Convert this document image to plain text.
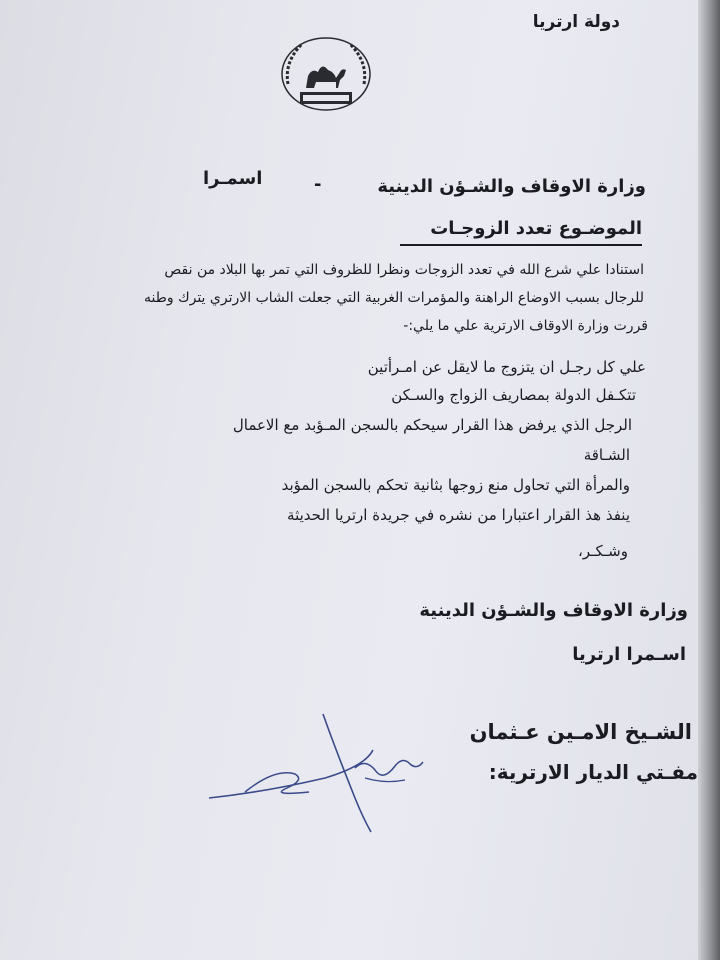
دولة ارتريا
وزارة الاوقاف والشـؤن الدينية
-
اسمـرا
الموضـوع تعدد الزوجـات
استنادا علي شرع الله في تعدد الزوجات ونظرا للظروف التي تمر بها البلاد من نقص
للرجال بسبب الاوضاع الراهنة والمؤمرات الغربية التي جعلت الشاب الارتري يترك وطنه
قررت وزارة الاوقاف الارترية علي ما يلي:-
علي كل رجـل ان يتزوج ما لايقل عن امـرأتين
تتكـفل الدولة بمصاريف الزواج والسـكن
الرجل الذي يرفض هذا القرار سيحكم بالسجن المـؤبد مع الاعمال
الشـاقة
والمرأة التي تحاول منع زوجها بثانية تحكم بالسجن المؤبد
ينفذ هذ القرار اعتبارا من نشره في جريدة ارتريا الحديثة
وشـكـر،
وزارة الاوقاف والشـؤن الدينية
اسـمرا ارتريا
الشـيخ الامـين عـثمان
مفـتي الديار الارترية:
